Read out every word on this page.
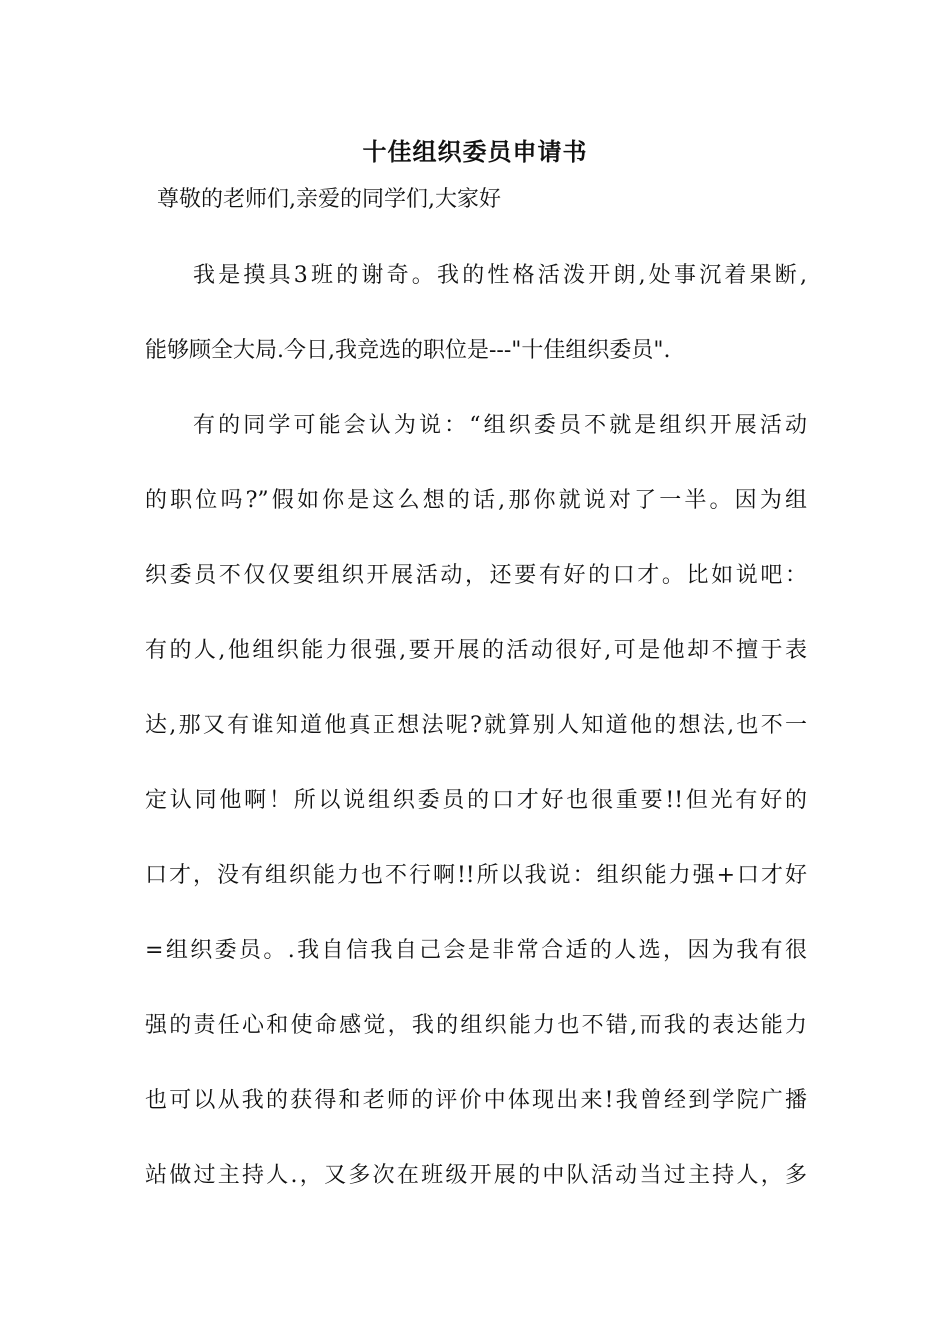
十佳组织委员申请书
尊敬的老师们,亲爱的同学们,大家好
我是摸具3班的谢奇。我的性格活泼开朗,处事沉着果断,
能够顾全大局.今日,我竞选的职位是---"十佳组织委员".
有的同学可能会认为说：“组织委员不就是组织开展活动
的职位吗?”假如你是这么想的话,那你就说对了一半。因为组
织委员不仅仅要组织开展活动，还要有好的口才。比如说吧：
有的人,他组织能力很强,要开展的活动很好,可是他却不擅于表
达,那又有谁知道他真正想法呢?就算别人知道他的想法,也不一
定认同他啊！所以说组织委员的口才好也很重要!!但光有好的
口才，没有组织能力也不行啊!!所以我说：组织能力强+口才好
=组织委员。.我自信我自己会是非常合适的人选，因为我有很
强的责任心和使命感觉，我的组织能力也不错,而我的表达能力
也可以从我的获得和老师的评价中体现出来!我曾经到学院广播
站做过主持人.，又多次在班级开展的中队活动当过主持人，多
